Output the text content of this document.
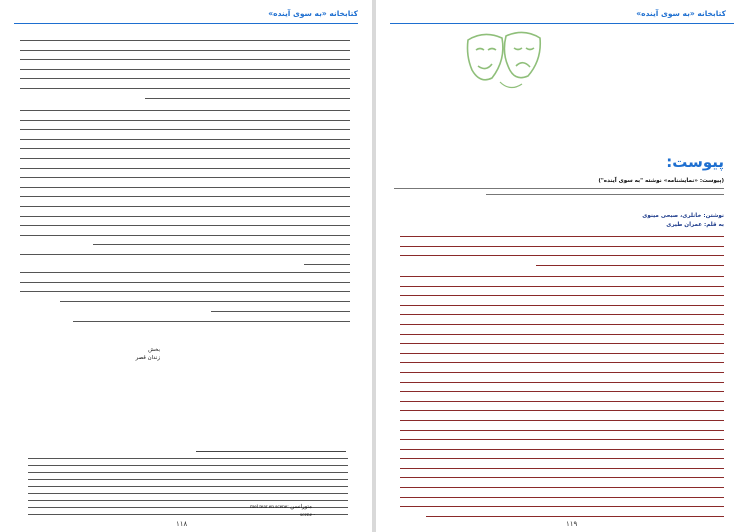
کتابخانه «به سوی آینده»
بخش
زندان قصر
mel tear en scene: متورانسن
scene -
۱۱۸
کتابخانه «به سوی آینده»
پیوست:
(پیوست: «نمایشنامه» نوشته "به سوی آینده")
نوشتن: خانلری، صبحی مینوی
به قلم: عمران طیری
۱۱۹
